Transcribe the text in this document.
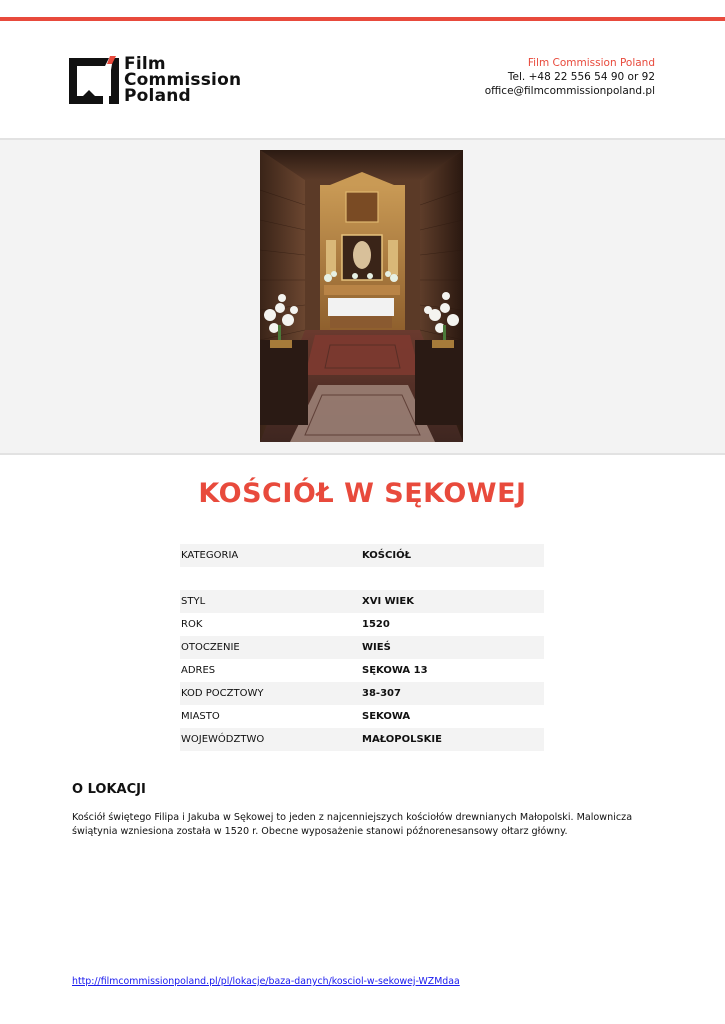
Film
Commission
Poland
Film Commission Poland
Tel. +48 22 556 54 90 or 92
office@filmcommissionpoland.pl
KOŚCIÓŁ W SĘKOWEJ
KATEGORIA	KOŚCIÓŁ
STYL	XVI WIEK
ROK	1520
OTOCZENIE	WIEŚ
ADRES	SĘKOWA 13
KOD POCZTOWY	38-307
MIASTO	SEKOWA
WOJEWÓDZTWO	MAŁOPOLSKIE
O LOKACJI

Kościół świętego Filipa i Jakuba w Sękowej to jeden z najcenniejszych kościołów drewnianych Małopolski. Malownicza świątynia wzniesiona została w 1520 r. Obecne wyposażenie stanowi późnorenesansowy ołtarz główny.

http://filmcommissionpoland.pl/pl/lokacje/baza-danych/kosciol-w-sekowej-WZMdaa
